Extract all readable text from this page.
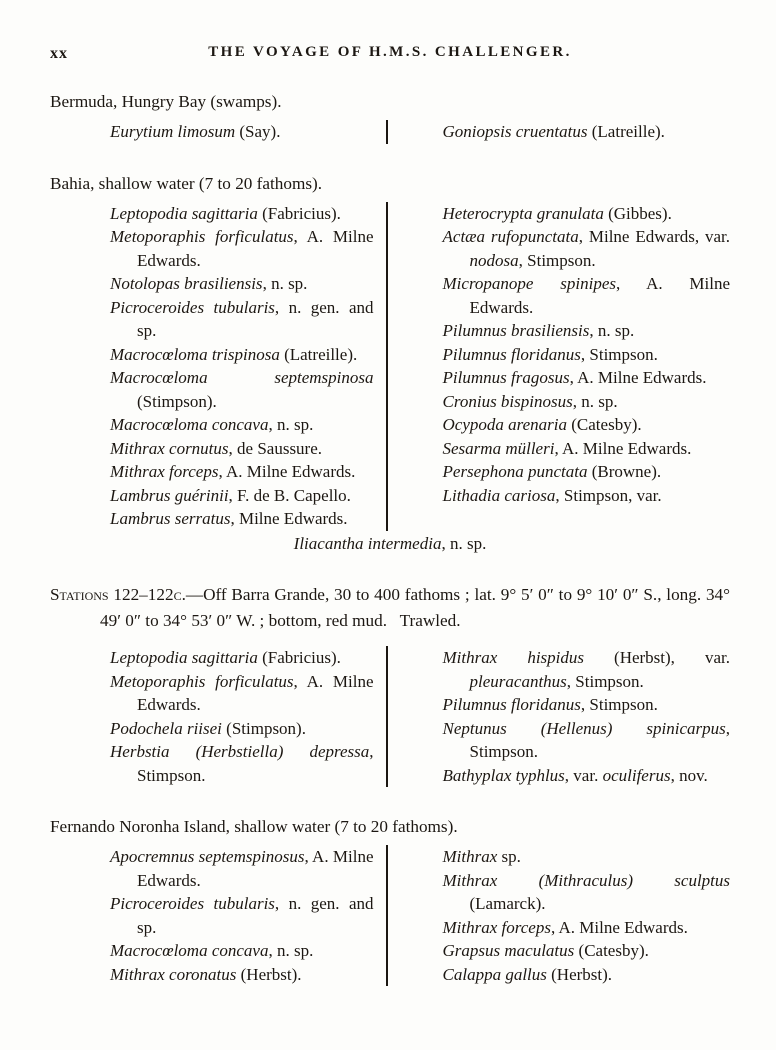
xx	THE VOYAGE OF H.M.S. CHALLENGER.
Bermuda, Hungry Bay (swamps).
Eurytium limosum (Say).	Goniopsis cruentatus (Latreille).
Bahia, shallow water (7 to 20 fathoms).
Leptopodia sagittaria (Fabricius).
Metoporaphis forficulatus, A. Milne Edwards.
Notolopas brasiliensis, n. sp.
Picroceroides tubularis, n. gen. and sp.
Macrocœloma trispinosa (Latreille).
Macrocœloma septemspinosa (Stimpson).
Macrocœloma concava, n. sp.
Mithrax cornutus, de Saussure.
Mithrax forceps, A. Milne Edwards.
Lambrus guérinii, F. de B. Capello.
Lambrus serratus, Milne Edwards.
Heterocrypta granulata (Gibbes).
Actæa rufopunctata, Milne Edwards, var. nodosa, Stimpson.
Micropanope spinipes, A. Milne Edwards.
Pilumnus brasiliensis, n. sp.
Pilumnus floridanus, Stimpson.
Pilumnus fragosus, A. Milne Edwards.
Cronius bispinosus, n. sp.
Ocypoda arenaria (Catesby).
Sesarma mülleri, A. Milne Edwards.
Persephona punctata (Browne).
Lithadia cariosa, Stimpson, var.
Iliacantha intermedia, n. sp.
Stations 122–122c.—Off Barra Grande, 30 to 400 fathoms ; lat. 9° 5′ 0″ to 9° 10′ 0″ S., long. 34° 49′ 0″ to 34° 53′ 0″ W. ; bottom, red mud.  Trawled.
Leptopodia sagittaria (Fabricius).
Metoporaphis forficulatus, A. Milne Edwards.
Podochela riisei (Stimpson).
Herbstia (Herbstiella) depressa, Stimpson.
Mithrax hispidus (Herbst), var. pleuracanthus, Stimpson.
Pilumnus floridanus, Stimpson.
Neptunus (Hellenus) spinicarpus, Stimpson.
Bathyplax typhlus, var. oculiferus, nov.
Fernando Noronha Island, shallow water (7 to 20 fathoms).
Apocremnus septemspinosus, A. Milne Edwards.
Picroceroides tubularis, n. gen. and sp.
Macrocœloma concava, n. sp.
Mithrax coronatus (Herbst).
Mithrax sp.
Mithrax (Mithraculus) sculptus (Lamarck).
Mithrax forceps, A. Milne Edwards.
Grapsus maculatus (Catesby).
Calappa gallus (Herbst).
